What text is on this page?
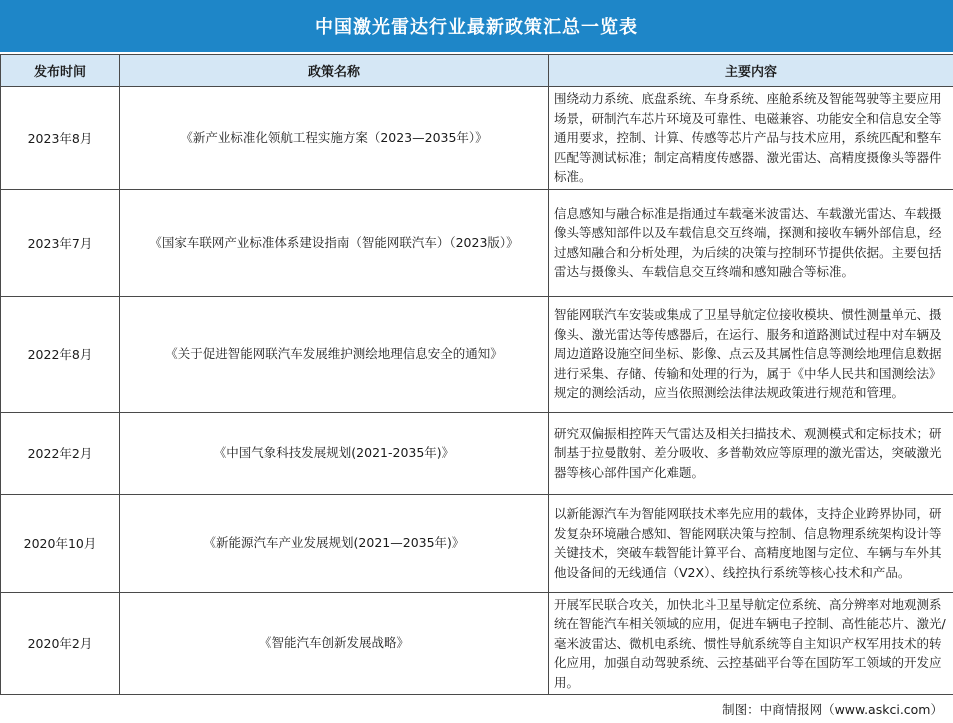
中国激光雷达行业最新政策汇总一览表
发布时间	政策名称	主要内容
2023年8月	《新产业标准化领航工程实施方案（2023—2035年）》	围绕动力系统、底盘系统、车身系统、座舱系统及智能驾驶等主要应用场景，研制汽车芯片环境及可靠性、电磁兼容、功能安全和信息安全等通用要求，控制、计算、传感等芯片产品与技术应用，系统匹配和整车匹配等测试标准；制定高精度传感器、激光雷达、高精度摄像头等器件标准。
2023年7月	《国家车联网产业标准体系建设指南（智能网联汽车）（2023版）》	信息感知与融合标准是指通过车载毫米波雷达、车载激光雷达、车载摄像头等感知部件以及车载信息交互终端，探测和接收车辆外部信息，经过感知融合和分析处理，为后续的决策与控制环节提供依据。主要包括雷达与摄像头、车载信息交互终端和感知融合等标准。
2022年8月	《关于促进智能网联汽车发展维护测绘地理信息安全的通知》	智能网联汽车安装或集成了卫星导航定位接收模块、惯性测量单元、摄像头、激光雷达等传感器后，在运行、服务和道路测试过程中对车辆及周边道路设施空间坐标、影像、点云及其属性信息等测绘地理信息数据进行采集、存储、传输和处理的行为，属于《中华人民共和国测绘法》规定的测绘活动，应当依照测绘法律法规政策进行规范和管理。
2022年2月	《中国气象科技发展规划(2021-2035年)》	研究双偏振相控阵天气雷达及相关扫描技术、观测模式和定标技术；研制基于拉曼散射、差分吸收、多普勒效应等原理的激光雷达，突破激光器等核心部件国产化难题。
2020年10月	《新能源汽车产业发展规划(2021—2035年)》	以新能源汽车为智能网联技术率先应用的载体，支持企业跨界协同，研发复杂环境融合感知、智能网联决策与控制、信息物理系统架构设计等关键技术，突破车载智能计算平台、高精度地图与定位、车辆与车外其他设备间的无线通信（V2X）、线控执行系统等核心技术和产品。
2020年2月	《智能汽车创新发展战略》	开展军民联合攻关，加快北斗卫星导航定位系统、高分辨率对地观测系统在智能汽车相关领域的应用，促进车辆电子控制、高性能芯片、激光/毫米波雷达、微机电系统、惯性导航系统等自主知识产权军用技术的转化应用，加强自动驾驶系统、云控基础平台等在国防军工领域的开发应用。
制图：中商情报网（www.askci.com）
